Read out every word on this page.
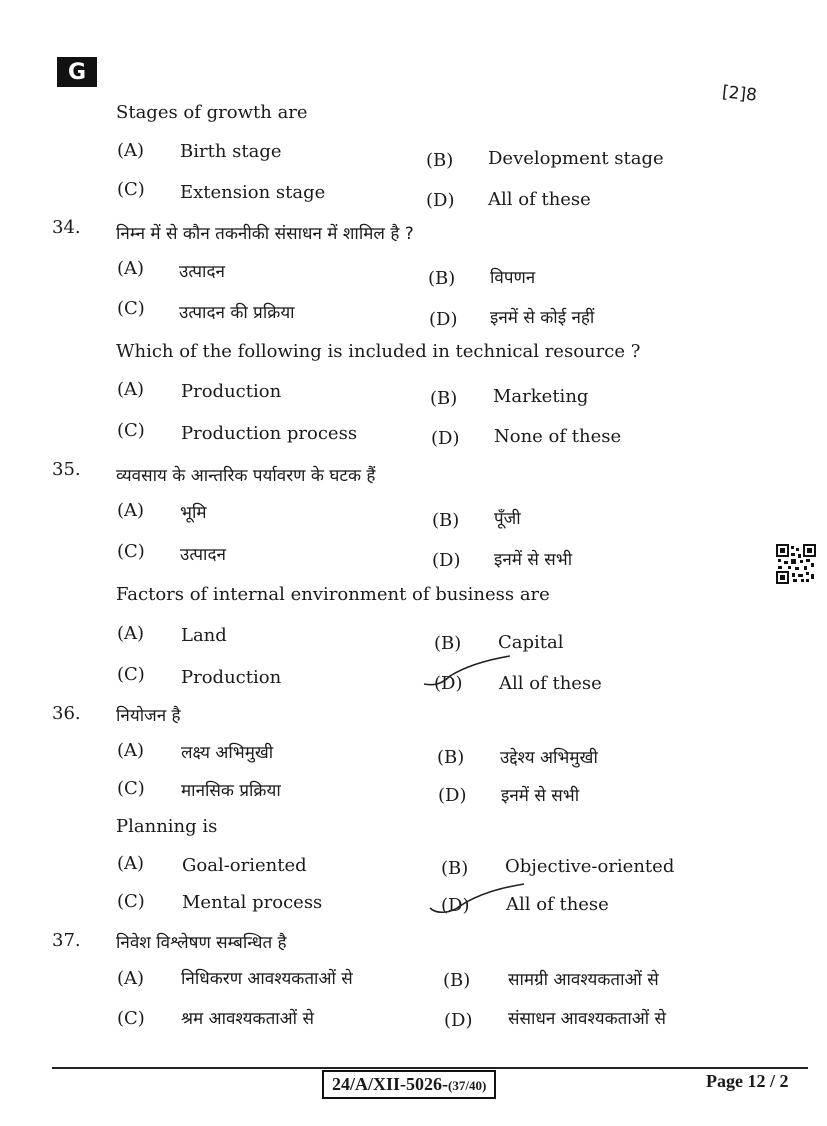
G
[2]8
Stages of growth are
(A) Birth stage	(B) Development stage
(C) Extension stage	(D) All of these
34. निम्न में से कौन तकनीकी संसाधन में शामिल है ?
(A) उत्पादन	(B) विपणन
(C) उत्पादन की प्रक्रिया	(D) इनमें से कोई नहीं
Which of the following is included in technical resource ?
(A) Production	(B) Marketing
(C) Production process	(D) None of these
35. व्यवसाय के आन्तरिक पर्यावरण के घटक हैं
(A) भूमि	(B) पूँजी
(C) उत्पादन	(D) इनमें से सभी
Factors of internal environment of business are
(A) Land	(B) Capital
(C) Production	(D) All of these
36. नियोजन है
(A) लक्ष्य अभिमुखी	(B) उद्देश्य अभिमुखी
(C) मानसिक प्रक्रिया	(D) इनमें से सभी
Planning is
(A) Goal-oriented	(B) Objective-oriented
(C) Mental process	(D) All of these
37. निवेश विश्लेषण सम्बन्धित है
(A) निधिकरण आवश्यकताओं से	(B) सामग्री आवश्यकताओं से
(C) श्रम आवश्यकताओं से	(D) संसाधन आवश्यकताओं से
24/A/XII-5026-(37/40)	Page 12 / 2
